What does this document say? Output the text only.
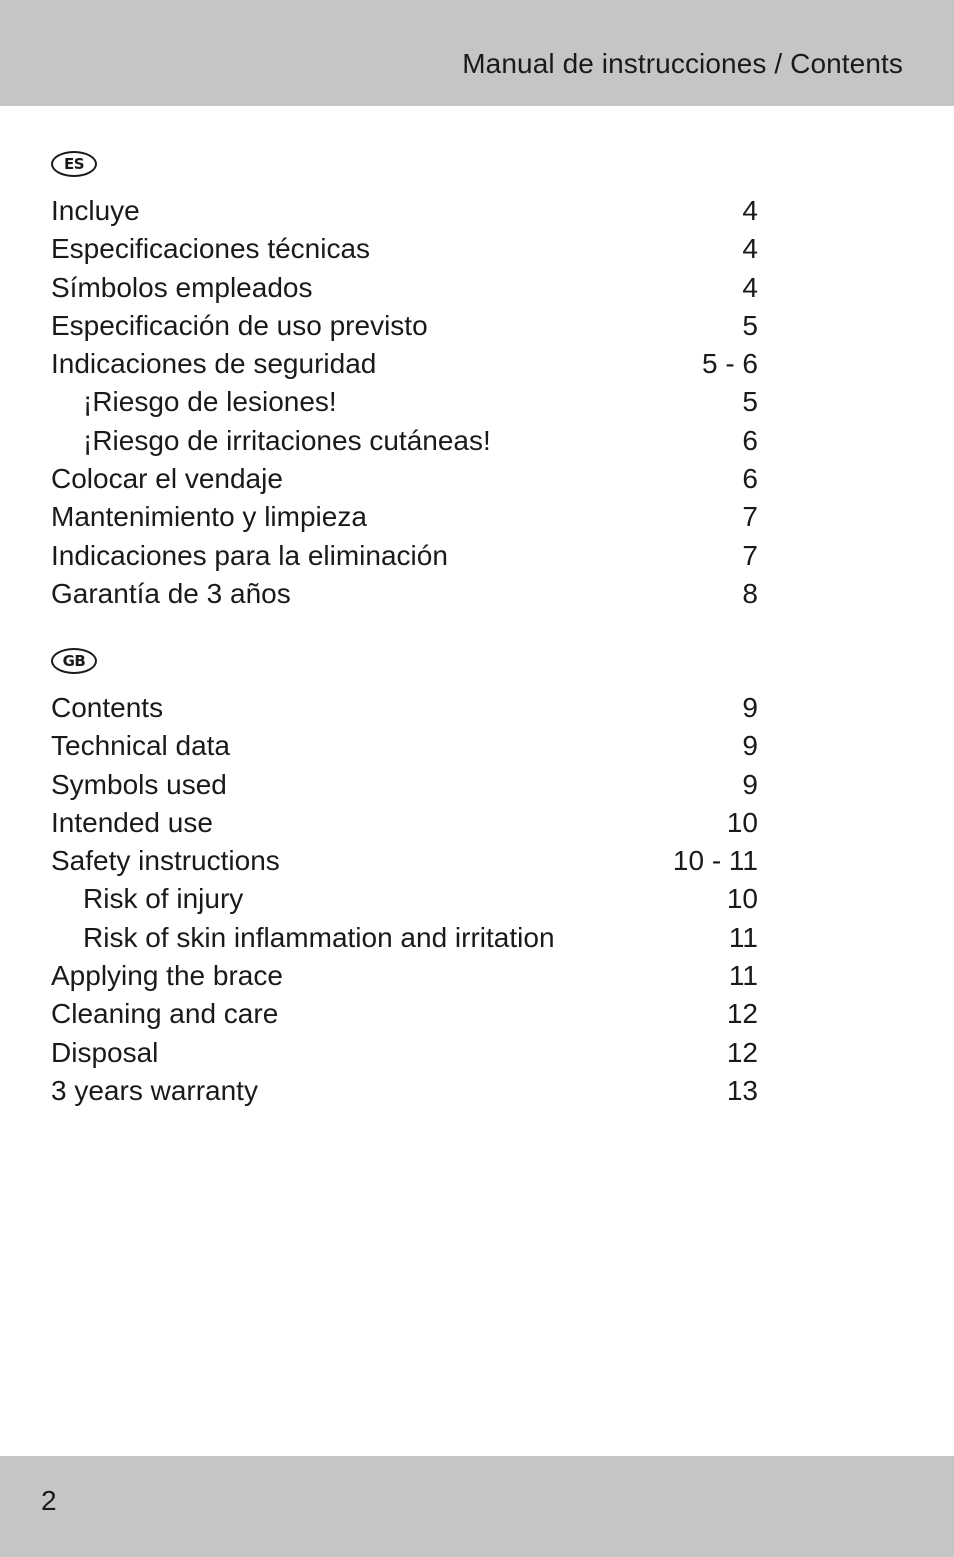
Manual de instrucciones / Contents
ES
Incluye	4
Especificaciones técnicas	4
Símbolos empleados	4
Especificación de uso previsto	5
Indicaciones de seguridad	5 - 6
¡Riesgo de lesiones!	5
¡Riesgo de irritaciones cutáneas!	6
Colocar el vendaje	6
Mantenimiento y limpieza	7
Indicaciones para la eliminación	7
Garantía de 3 años	8
GB
Contents	9
Technical data	9
Symbols used	9
Intended use	10
Safety instructions	10 - 11
Risk of injury	10
Risk of skin inflammation and irritation	11
Applying the brace	11
Cleaning and care	12
Disposal	12
3 years warranty	13
2
